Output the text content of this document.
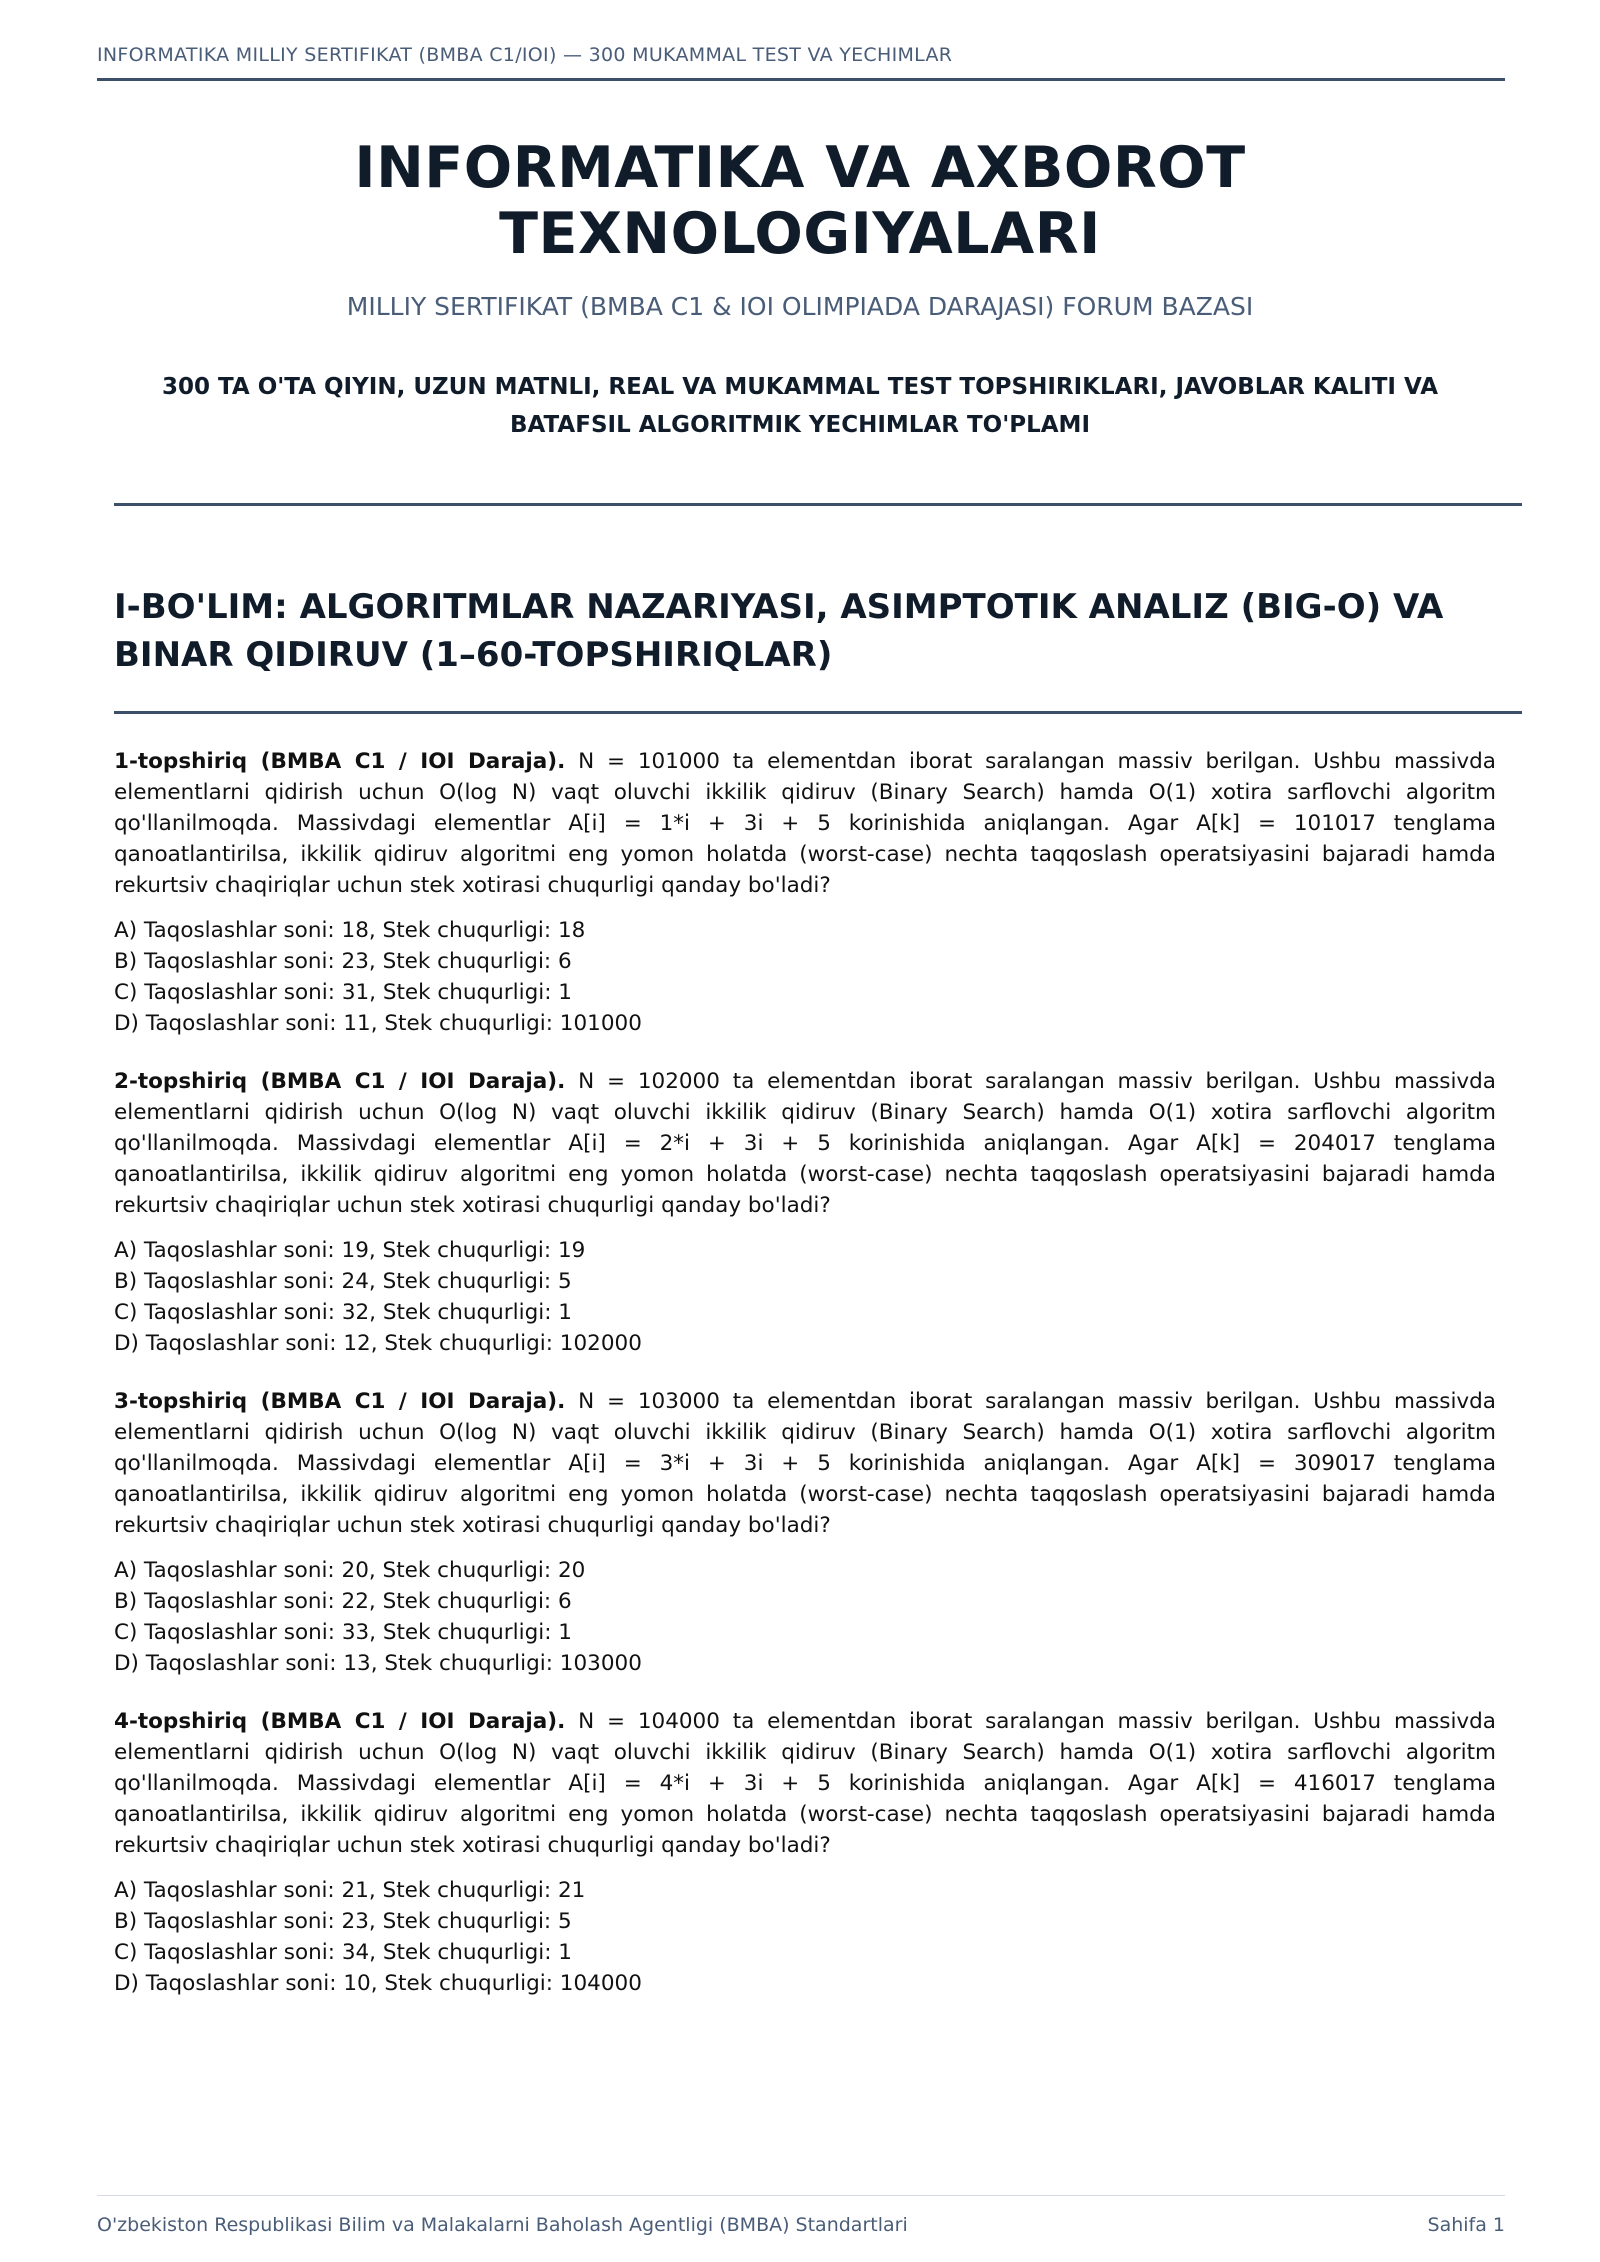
INFORMATIKA MILLIY SERTIFIKAT (BMBA C1/IOI) — 300 MUKAMMAL TEST VA YECHIMLAR
INFORMATIKA VA AXBOROT
TEXNOLOGIYALARI
MILLIY SERTIFIKAT (BMBA C1 & IOI OLIMPIADA DARAJASI) FORUM BAZASI
300 TA O'TA QIYIN, UZUN MATNLI, REAL VA MUKAMMAL TEST TOPSHIRIKLARI, JAVOBLAR KALITI VA BATAFSIL ALGORITMIK YECHIMLAR TO'PLAMI
I-BO'LIM: ALGORITMLAR NAZARIYASI, ASIMPTOTIK ANALIZ (BIG-O) VA BINAR QIDIRUV (1–60-TOPSHIRIQLAR)

1-topshiriq (BMBA C1 / IOI Daraja). N = 101000 ta elementdan iborat saralangan massiv berilgan. Ushbu massivda elementlarni qidirish uchun O(log N) vaqt oluvchi ikkilik qidiruv (Binary Search) hamda O(1) xotira sarflovchi algoritm qo'llanilmoqda. Massivdagi elementlar A[i] = 1*i + 3i + 5 korinishida aniqlangan. Agar A[k] = 101017 tenglama qanoatlantirilsa, ikkilik qidiruv algoritmi eng yomon holatda (worst-case) nechta taqqoslash operatsiyasini bajaradi hamda rekurtsiv chaqiriqlar uchun stek xotirasi chuqurligi qanday bo'ladi?

A) Taqoslashlar soni: 18, Stek chuqurligi: 18
B) Taqoslashlar soni: 23, Stek chuqurligi: 6
C) Taqoslashlar soni: 31, Stek chuqurligi: 1
D) Taqoslashlar soni: 11, Stek chuqurligi: 101000

2-topshiriq (BMBA C1 / IOI Daraja). N = 102000 ta elementdan iborat saralangan massiv berilgan. Ushbu massivda elementlarni qidirish uchun O(log N) vaqt oluvchi ikkilik qidiruv (Binary Search) hamda O(1) xotira sarflovchi algoritm qo'llanilmoqda. Massivdagi elementlar A[i] = 2*i + 3i + 5 korinishida aniqlangan. Agar A[k] = 204017 tenglama qanoatlantirilsa, ikkilik qidiruv algoritmi eng yomon holatda (worst-case) nechta taqqoslash operatsiyasini bajaradi hamda rekurtsiv chaqiriqlar uchun stek xotirasi chuqurligi qanday bo'ladi?

A) Taqoslashlar soni: 19, Stek chuqurligi: 19
B) Taqoslashlar soni: 24, Stek chuqurligi: 5
C) Taqoslashlar soni: 32, Stek chuqurligi: 1
D) Taqoslashlar soni: 12, Stek chuqurligi: 102000

3-topshiriq (BMBA C1 / IOI Daraja). N = 103000 ta elementdan iborat saralangan massiv berilgan. Ushbu massivda elementlarni qidirish uchun O(log N) vaqt oluvchi ikkilik qidiruv (Binary Search) hamda O(1) xotira sarflovchi algoritm qo'llanilmoqda. Massivdagi elementlar A[i] = 3*i + 3i + 5 korinishida aniqlangan. Agar A[k] = 309017 tenglama qanoatlantirilsa, ikkilik qidiruv algoritmi eng yomon holatda (worst-case) nechta taqqoslash operatsiyasini bajaradi hamda rekurtsiv chaqiriqlar uchun stek xotirasi chuqurligi qanday bo'ladi?

A) Taqoslashlar soni: 20, Stek chuqurligi: 20
B) Taqoslashlar soni: 22, Stek chuqurligi: 6
C) Taqoslashlar soni: 33, Stek chuqurligi: 1
D) Taqoslashlar soni: 13, Stek chuqurligi: 103000

4-topshiriq (BMBA C1 / IOI Daraja). N = 104000 ta elementdan iborat saralangan massiv berilgan. Ushbu massivda elementlarni qidirish uchun O(log N) vaqt oluvchi ikkilik qidiruv (Binary Search) hamda O(1) xotira sarflovchi algoritm qo'llanilmoqda. Massivdagi elementlar A[i] = 4*i + 3i + 5 korinishida aniqlangan. Agar A[k] = 416017 tenglama qanoatlantirilsa, ikkilik qidiruv algoritmi eng yomon holatda (worst-case) nechta taqqoslash operatsiyasini bajaradi hamda rekurtsiv chaqiriqlar uchun stek xotirasi chuqurligi qanday bo'ladi?

A) Taqoslashlar soni: 21, Stek chuqurligi: 21
B) Taqoslashlar soni: 23, Stek chuqurligi: 5
C) Taqoslashlar soni: 34, Stek chuqurligi: 1
D) Taqoslashlar soni: 10, Stek chuqurligi: 104000
O'zbekiston Respublikasi Bilim va Malakalarni Baholash Agentligi (BMBA) Standartlari	Sahifa 1
